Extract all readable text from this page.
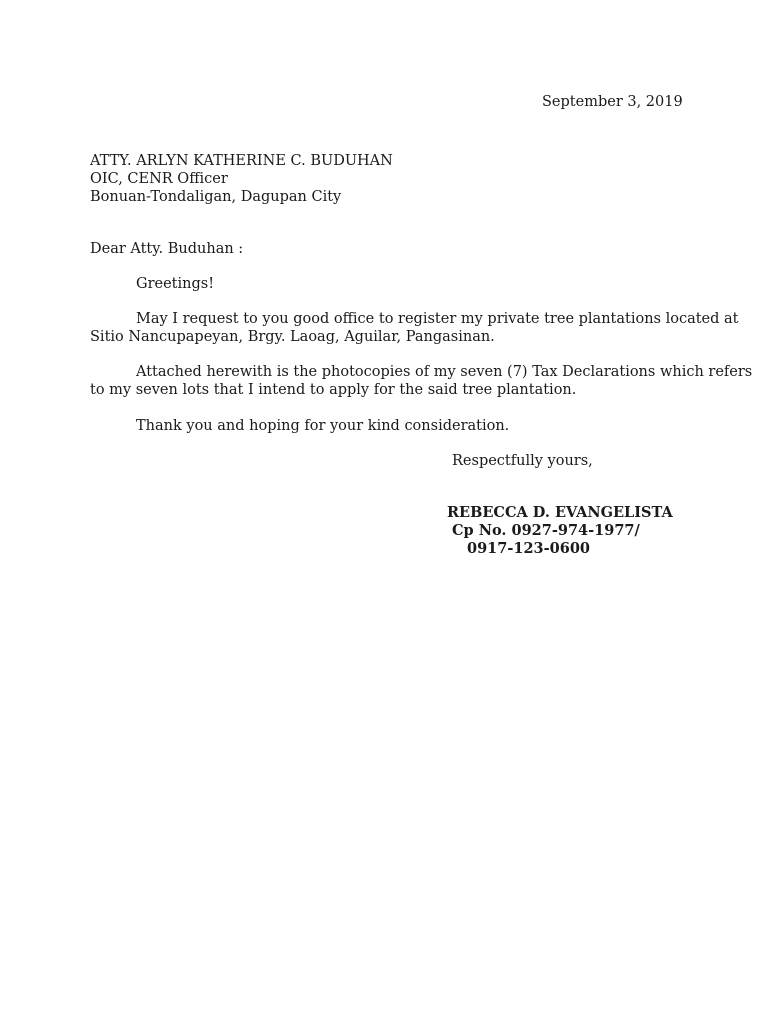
September 3, 2019

ATTY. ARLYN KATHERINE C. BUDUHAN
OIC, CENR Officer
Bonuan-Tondaligan, Dagupan City

Dear Atty. Buduhan :

Greetings!

May I request to you good office to register my private tree plantations located at

Sitio Nancupapeyan, Brgy. Laoag, Aguilar, Pangasinan.

Attached herewith is the photocopies of my seven (7) Tax Declarations which refers

to my seven lots that I intend to apply for the said tree plantation.

Thank you and hoping for your kind consideration.

Respectfully yours,

REBECCA D. EVANGELISTA

Cp No. 0927-974-1977/

0917-123-0600
